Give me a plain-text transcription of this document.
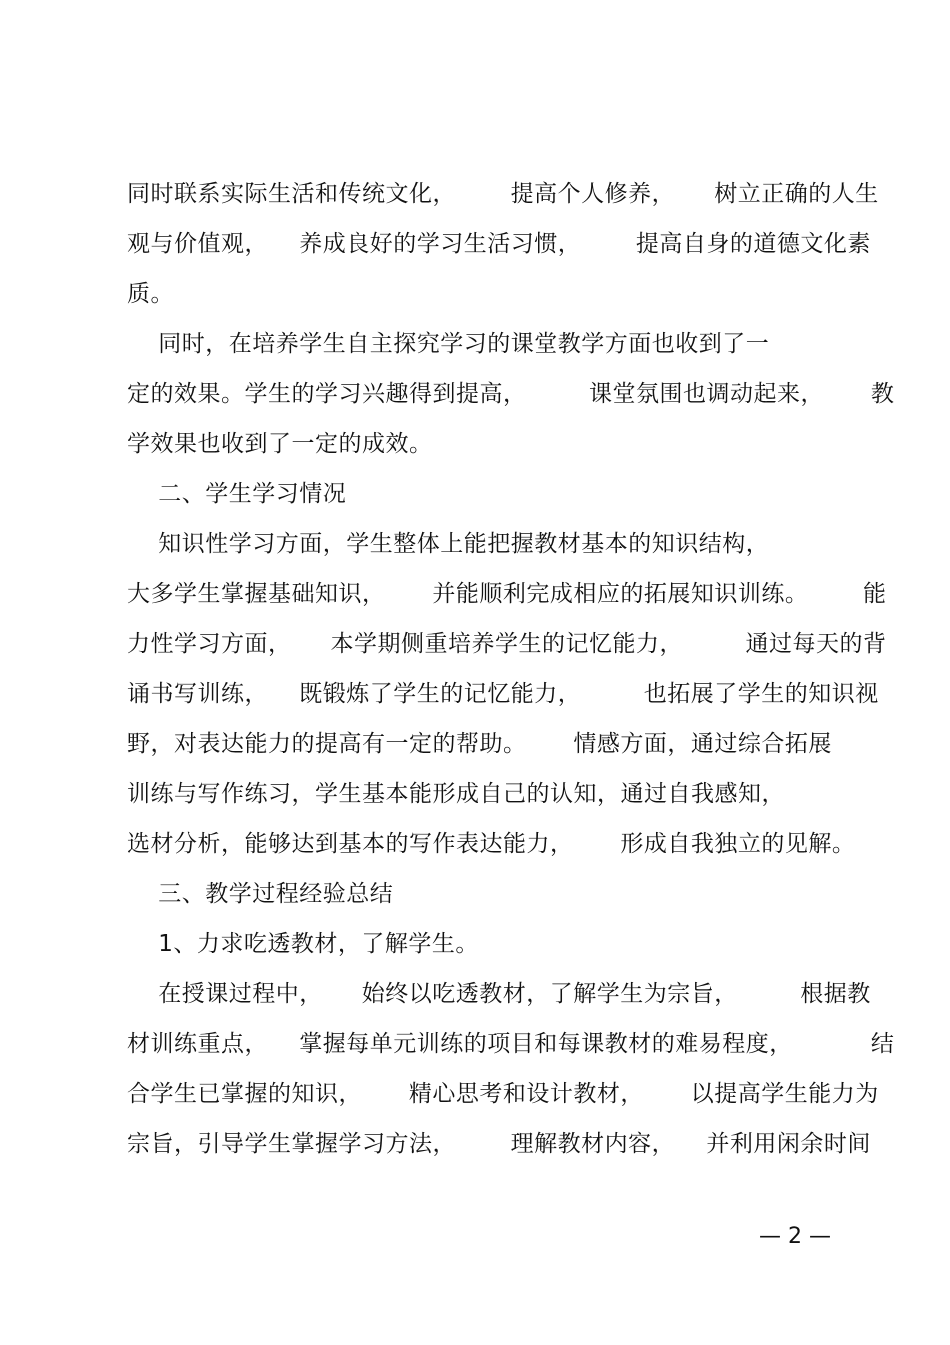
同时联系实际生活和传统文化，       提高个人修养，     树立正确的人生
观与价值观，    养成良好的学习生活习惯，       提高自身的道德文化素
质。
同时，在培养学生自主探究学习的课堂教学方面也收到了一
定的效果。学生的学习兴趣得到提高，        课堂氛围也调动起来，      教
学效果也收到了一定的成效。
二、学生学习情况
知识性学习方面，学生整体上能把握教材基本的知识结构，
大多学生掌握基础知识，      并能顺利完成相应的拓展知识训练。       能
力性学习方面，     本学期侧重培养学生的记忆能力，        通过每天的背
诵书写训练，    既锻炼了学生的记忆能力，        也拓展了学生的知识视
野，对表达能力的提高有一定的帮助。      情感方面，通过综合拓展
训练与写作练习，学生基本能形成自己的认知，通过自我感知，
选材分析，能够达到基本的写作表达能力，      形成自我独立的见解。
三、教学过程经验总结
1、力求吃透教材，了解学生。
在授课过程中，     始终以吃透教材，了解学生为宗旨，        根据教
材训练重点，    掌握每单元训练的项目和每课教材的难易程度，          结
合学生已掌握的知识，      精心思考和设计教材，      以提高学生能力为
宗旨，引导学生掌握学习方法，       理解教材内容，    并利用闲余时间
— 2 —
